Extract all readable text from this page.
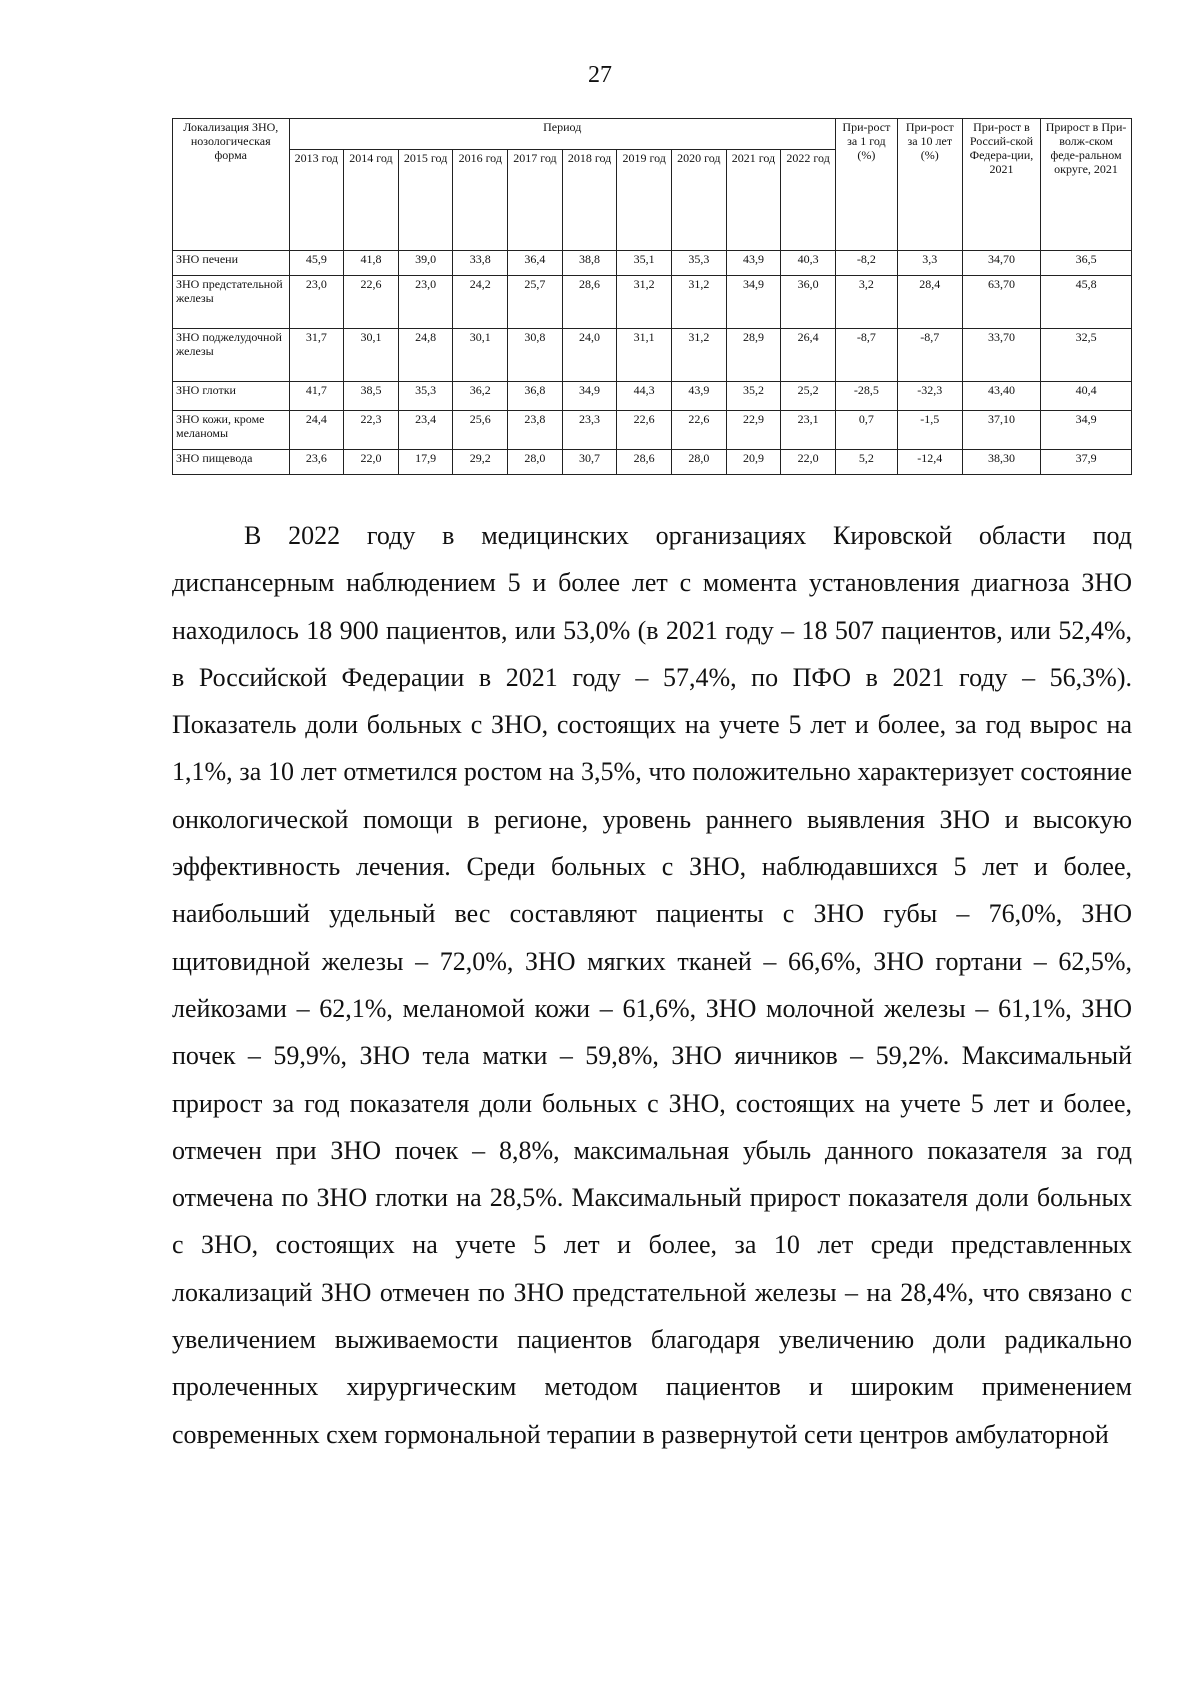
27
Локализация ЗНО, нозологическая форма	Период										При-рост за 1 год (%)	При-рост за 10 лет (%)	При-рост в Россий-ской Федера-ции, 2021	Прирост в При-волж-ском феде-ральном округе, 2021
	2013 год	2014 год	2015 год	2016 год	2017 год	2018 год	2019 год	2020 год	2021 год	2022 год				
ЗНО печени	45,9	41,8	39,0	33,8	36,4	38,8	35,1	35,3	43,9	40,3	-8,2	3,3	34,70	36,5
ЗНО предстательной железы	23,0	22,6	23,0	24,2	25,7	28,6	31,2	31,2	34,9	36,0	3,2	28,4	63,70	45,8
ЗНО поджелудочной железы	31,7	30,1	24,8	30,1	30,8	24,0	31,1	31,2	28,9	26,4	-8,7	-8,7	33,70	32,5
ЗНО глотки	41,7	38,5	35,3	36,2	36,8	34,9	44,3	43,9	35,2	25,2	-28,5	-32,3	43,40	40,4
ЗНО кожи, кроме меланомы	24,4	22,3	23,4	25,6	23,8	23,3	22,6	22,6	22,9	23,1	0,7	-1,5	37,10	34,9
ЗНО пищевода	23,6	22,0	17,9	29,2	28,0	30,7	28,6	28,0	20,9	22,0	5,2	-12,4	38,30	37,9

В 2022 году в медицинских организациях Кировской области под диспансерным наблюдением 5 и более лет с момента установления диагноза ЗНО находилось 18 900 пациентов, или 53,0% (в 2021 году – 18 507 пациентов, или 52,4%, в Российской Федерации в 2021 году – 57,4%, по ПФО в 2021 году – 56,3%). Показатель доли больных с ЗНО, состоящих на учете 5 лет и более, за год вырос на 1,1%, за 10 лет отметился ростом на 3,5%, что положительно характеризует состояние онкологической помощи в регионе, уровень раннего выявления ЗНО и высокую эффективность лечения. Среди больных с ЗНО, наблюдавшихся 5 лет и более, наибольший удельный вес составляют пациенты с ЗНО губы – 76,0%, ЗНО щитовидной железы – 72,0%, ЗНО мягких тканей – 66,6%, ЗНО гортани – 62,5%, лейкозами – 62,1%, меланомой кожи – 61,6%, ЗНО молочной железы – 61,1%, ЗНО почек – 59,9%, ЗНО тела матки – 59,8%, ЗНО яичников – 59,2%. Максимальный прирост за год показателя доли больных с ЗНО, состоящих на учете 5 лет и более, отмечен при ЗНО почек – 8,8%, максимальная убыль данного показателя за год отмечена по ЗНО глотки на 28,5%. Максимальный прирост показателя доли больных с ЗНО, состоящих на учете 5 лет и более, за 10 лет среди представленных локализаций ЗНО отмечен по ЗНО предстательной железы – на 28,4%, что связано с увеличением выживаемости пациентов благодаря увеличению доли радикально пролеченных хирургическим методом пациентов и широким применением современных схем гормональной терапии в развернутой сети центров амбулаторной
